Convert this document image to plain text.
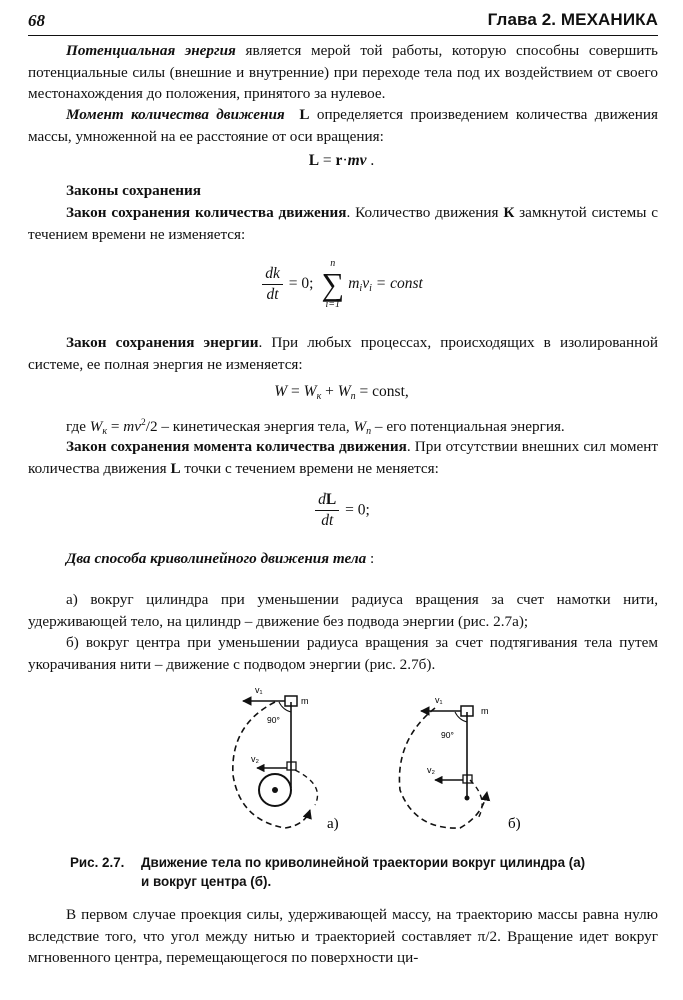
68	Глава 2. МЕХАНИКА
Потенциальная энергия является мерой той работы, которую способны совершить потенциальные силы (внешние и внутренние) при переходе тела под их воздействием от своего местонахождения до положения, принятого за нулевое.
Момент количества движения L определяется произведением количества движения массы, умноженной на ее расстояние от оси вращения:
L = r·mv .
Законы сохранения
Закон сохранения количества движения. Количество движения К замкнутой системы с течением времени не изменяется:
$\frac{dk}{dt} = 0$;
n
∑
i=1
$m_iv_i$ = const
Закон сохранения энергии. При любых процессах, происходящих в изолированной системе, ее полная энергия не изменяется:
$W = W_к + W_п$ = const,
где $W_к = mv^2/2$ – кинетическая энергия тела, $W_п$ – его потенциальная энергия.
Закон сохранения момента количества движения. При отсутствии внешних сил момент количества движения L точки с течением времени не меняется:
$\frac{dL}{dt} = 0$;
Два способа криволинейного движения тела :
а) вокруг цилиндра при уменьшении радиуса вращения за счет намотки нити, удерживающей тело, на цилиндр – движение без подвода энергии (рис. 2.7а);
б) вокруг центра при уменьшении радиуса вращения за счет подтягивания тела путем укорачивания нити – движение с подводом энергии (рис. 2.7б).
v₁
m
90°
v₂
а)
v₁
m
90°
v₂
б)
Рис. 2.7. Движение тела по криволинейной траектории вокруг цилиндра (а)
и вокруг центра (б).
В первом случае проекция силы, удерживающей массу, на траекторию массы равна нулю вследствие того, что угол между нитью и траекторией составляет π/2. Вращение идет вокруг мгновенного центра, перемещающегося по поверхности ци-
